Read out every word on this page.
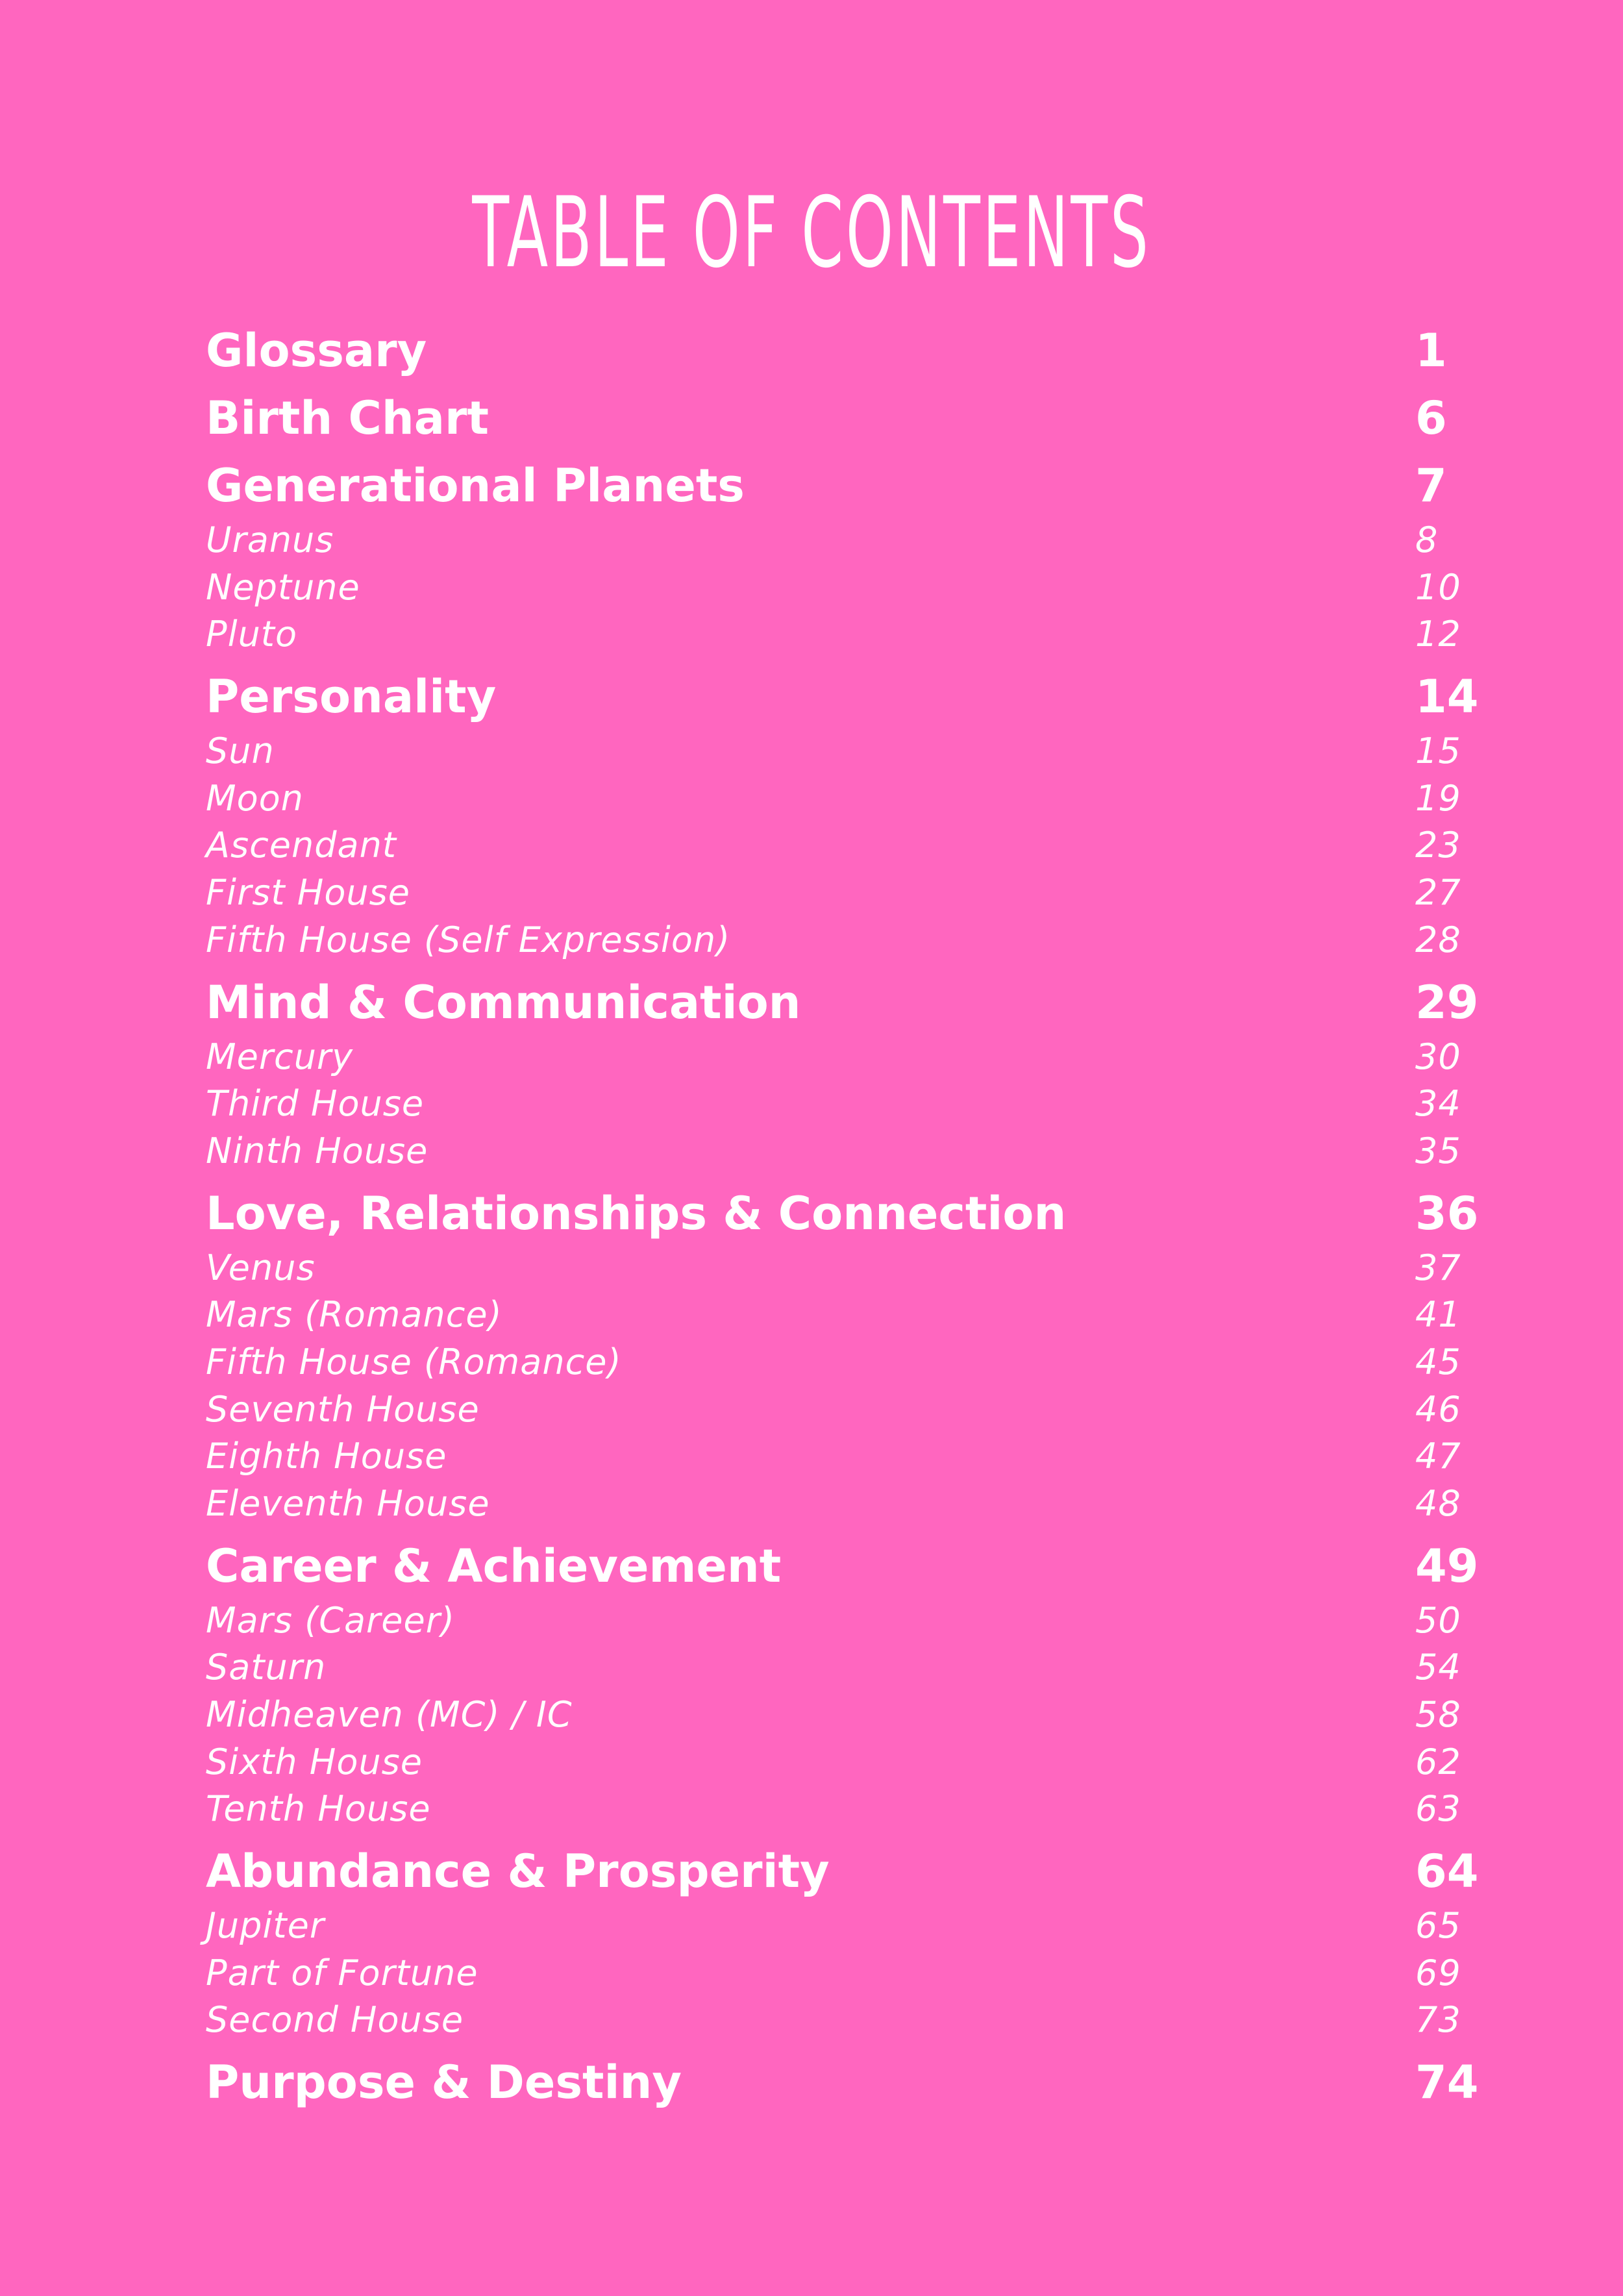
TABLE OF CONTENTS
Glossary	1
Birth Chart	6
Generational Planets	7
Uranus	8
Neptune	10
Pluto	12
Personality	14
Sun	15
Moon	19
Ascendant	23
First House	27
Fifth House (Self Expression)	28
Mind & Communication	29
Mercury	30
Third House	34
Ninth House	35
Love, Relationships & Connection	36
Venus	37
Mars (Romance)	41
Fifth House (Romance)	45
Seventh House	46
Eighth House	47
Eleventh House	48
Career & Achievement	49
Mars (Career)	50
Saturn	54
Midheaven (MC) / IC	58
Sixth House	62
Tenth House	63
Abundance & Prosperity	64
Jupiter	65
Part of Fortune	69
Second House	73
Purpose & Destiny	74
